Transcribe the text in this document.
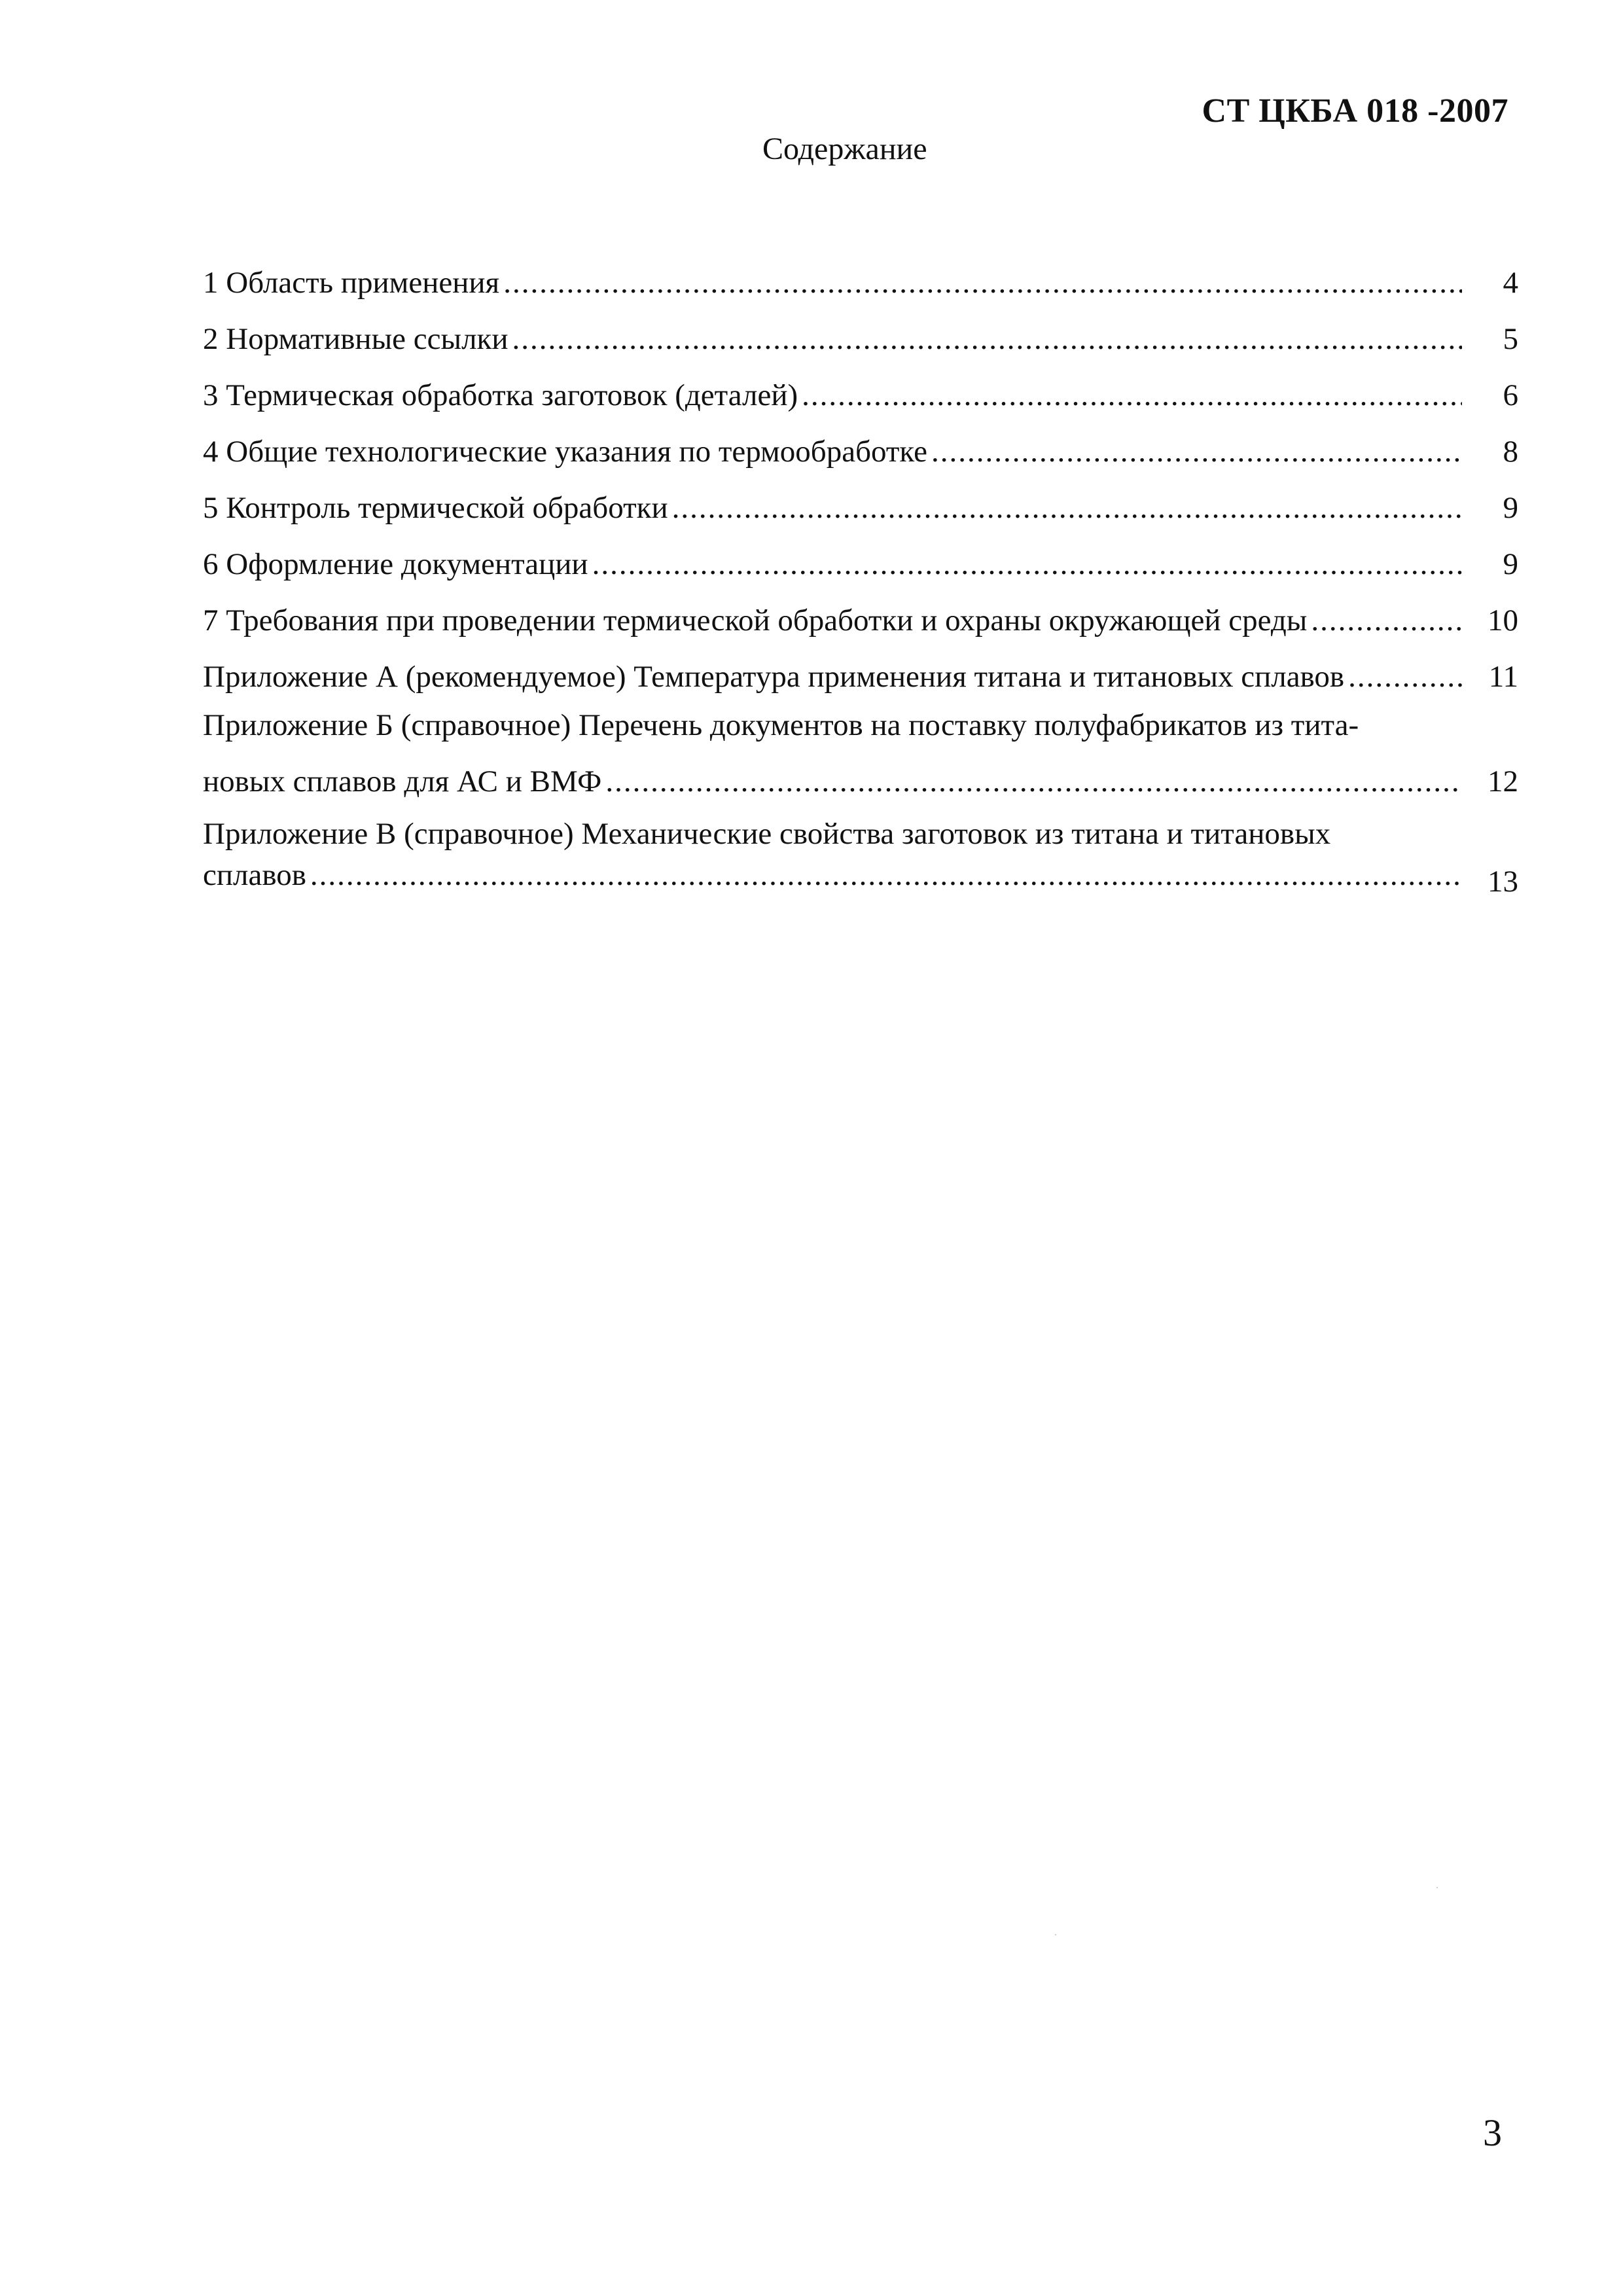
СТ ЦКБА 018 -2007
Содержание
1 Область применения .....	4
2 Нормативные ссылки .....	5
3 Термическая обработка заготовок (деталей) .....	6
4 Общие технологические указания по термообработке .....	8
5 Контроль термической обработки .....	9
6 Оформление документации .....	9
7 Требования при проведении термической обработки и охраны окружающей среды .....	10
Приложение А (рекомендуемое) Температура применения титана и титановых сплавов .....	11
Приложение Б (справочное) Перечень документов на поставку полуфабрикатов из тита-
новых сплавов для АС и ВМФ .....	12
Приложение В (справочное) Механические свойства заготовок из титана и титановых
сплавов .....	13
3
